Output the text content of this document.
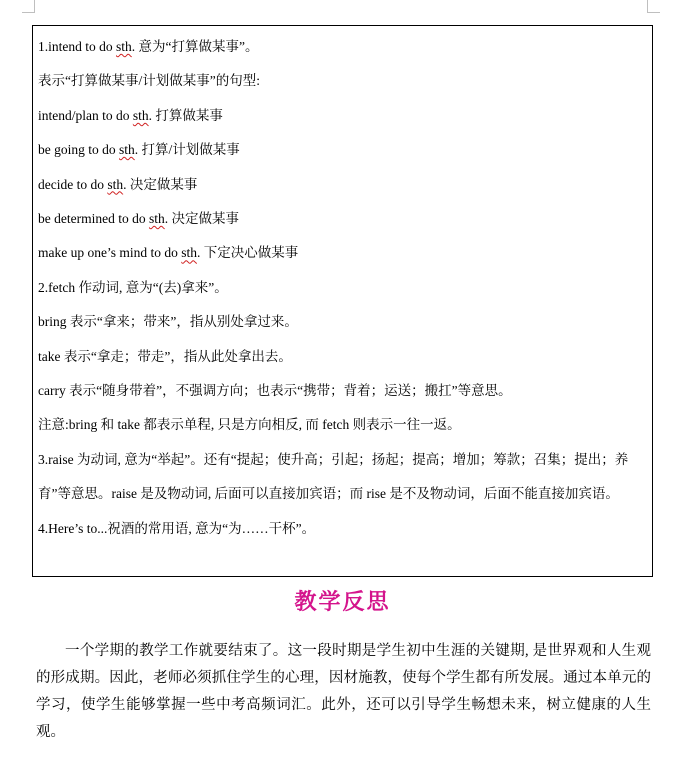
1.intend to do sth. 意为“打算做某事”。
表示“打算做某事/计划做某事”的句型:
intend/plan to do sth. 打算做某事
be going to do sth. 打算/计划做某事
decide to do sth. 决定做某事
be determined to do sth. 决定做某事
make up one’s mind to do sth. 下定决心做某事
2.fetch 作动词, 意为“(去)拿来”。
bring 表示“拿来；带来”，指从别处拿过来。
take 表示“拿走；带走”，指从此处拿出去。
carry 表示“随身带着”，不强调方向；也表示“携带；背着；运送；搬扛”等意思。
注意:bring 和 take 都表示单程, 只是方向相反, 而 fetch 则表示一往一返。
3.raise 为动词, 意为“举起”。还有“提起；使升高；引起；扬起；提高；增加；筹款；召集；提出；养育”等意思。raise 是及物动词, 后面可以直接加宾语；而 rise 是不及物动词，后面不能直接加宾语。
4.Here’s to...祝酒的常用语, 意为“为……干杯”。
教学反思
一个学期的教学工作就要结束了。这一段时期是学生初中生涯的关键期, 是世界观和人生观的形成期。因此，老师必须抓住学生的心理，因材施教，使每个学生都有所发展。通过本单元的学习，使学生能够掌握一些中考高频词汇。此外，还可以引导学生畅想未来，树立健康的人生观。
